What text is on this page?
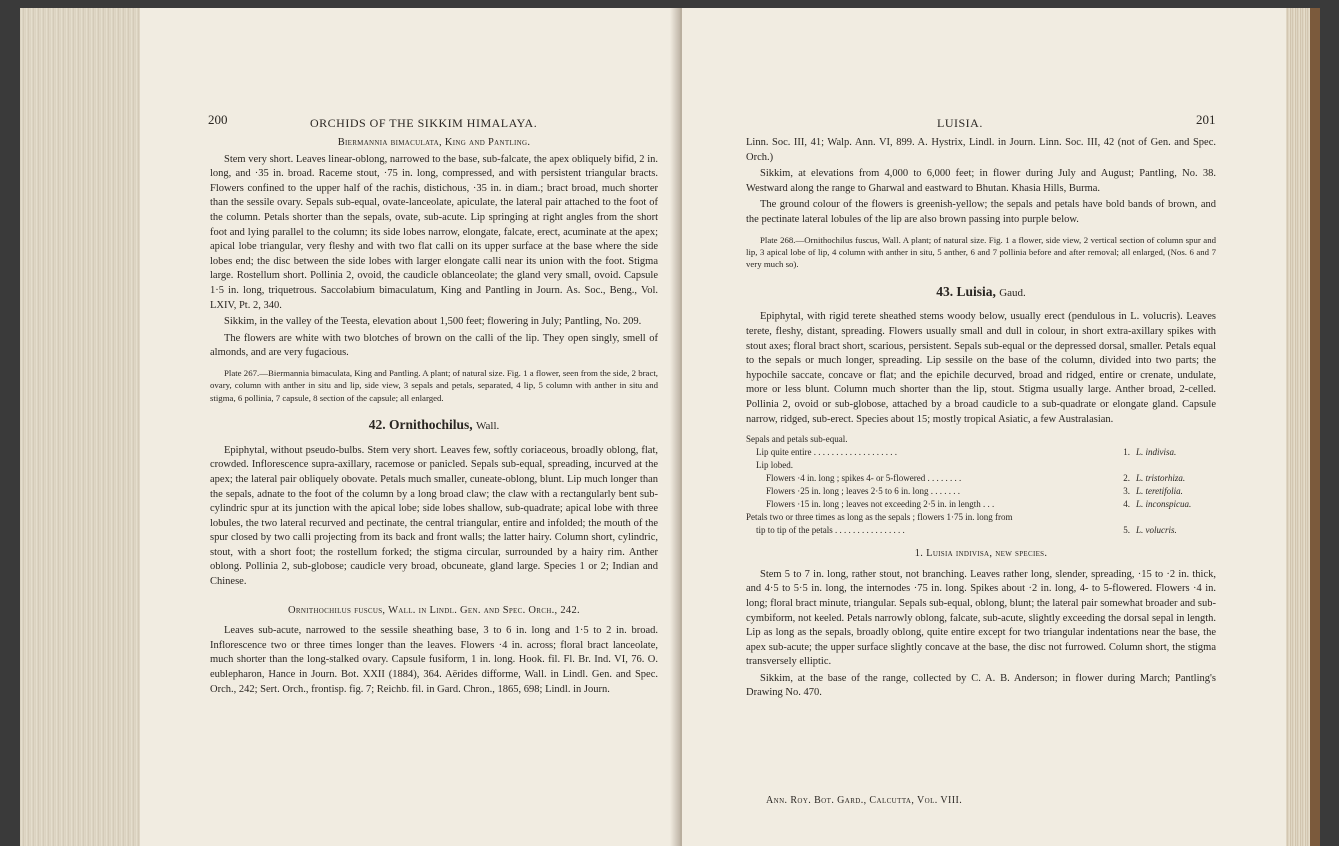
200	ORCHIDS OF THE SIKKIM HIMALAYA.

Biermannia bimaculata, King and Pantling.

Stem very short. Leaves linear-oblong, narrowed to the base, sub-falcate, the apex obliquely bifid, 2 in. long, and ·35 in. broad. Raceme stout, ·75 in. long, compressed, and with persistent triangular bracts. Flowers confined to the upper half of the rachis, distichous, ·35 in. in diam.; bract broad, much shorter than the sessile ovary. Sepals sub-equal, ovate-lanceolate, apiculate, the lateral pair attached to the foot of the column. Petals shorter than the sepals, ovate, sub-acute. Lip springing at right angles from the short foot and lying parallel to the column; its side lobes narrow, elongate, falcate, erect, acuminate at the apex; apical lobe triangular, very fleshy and with two flat calli on its upper surface at the base where the side lobes end; the disc between the side lobes with larger elongate calli near its union with the foot. Stigma large. Rostellum short. Pollinia 2, ovoid, the caudicle oblanceolate; the gland very small, ovoid. Capsule 1·5 in. long, triquetrous. Saccolabium bimaculatum, King and Pantling in Journ. As. Soc., Beng., Vol. LXIV, Pt. 2, 340.

Sikkim, in the valley of the Teesta, elevation about 1,500 feet; flowering in July; Pantling, No. 209.

The flowers are white with two blotches of brown on the calli of the lip. They open singly, smell of almonds, and are very fugacious.

Plate 267.—Biermannia bimaculata, King and Pantling. A plant; of natural size. Fig. 1 a flower, seen from the side, 2 bract, ovary, column with anther in situ and lip, side view, 3 sepals and petals, separated, 4 lip, 5 column with anther in situ and stigma, 6 pollinia, 7 capsule, 8 section of the capsule; all enlarged.

42. Ornithochilus, Wall.

Epiphytal, without pseudo-bulbs. Stem very short. Leaves few, softly coriaceous, broadly oblong, flat, crowded. Inflorescence supra-axillary, racemose or panicled. Sepals sub-equal, spreading, incurved at the apex; the lateral pair obliquely obovate. Petals much smaller, cuneate-oblong, blunt. Lip much longer than the sepals, adnate to the foot of the column by a long broad claw; the claw with a rectangularly bent sub-cylindric spur at its junction with the apical lobe; side lobes shallow, sub-quadrate; apical lobe with three lobules, the two lateral recurved and pectinate, the central triangular, entire and infolded; the mouth of the spur closed by two calli projecting from its back and front walls; the latter hairy. Column short, cylindric, stout, with a short foot; the rostellum forked; the stigma circular, surrounded by a hairy rim. Anther oblong. Pollinia 2, sub-globose; caudicle very broad, obcuneate, gland large. Species 1 or 2; Indian and Chinese.

Ornithochilus fuscus, Wall. in Lindl. Gen. and Spec. Orch., 242.

Leaves sub-acute, narrowed to the sessile sheathing base, 3 to 6 in. long and 1·5 to 2 in. broad. Inflorescence two or three times longer than the leaves. Flowers ·4 in. across; floral bract lanceolate, much shorter than the long-stalked ovary. Capsule fusiform, 1 in. long. Hook. fil. Fl. Br. Ind. VI, 76. O. eublepharon, Hance in Journ. Bot. XXII (1884), 364. Aërides difforme, Wall. in Lindl. Gen. and Spec. Orch., 242; Sert. Orch., frontisp. fig. 7; Reichb. fil. in Gard. Chron., 1865, 698; Lindl. in Journ.

LUISIA.	201

Linn. Soc. III, 41; Walp. Ann. VI, 899. A. Hystrix, Lindl. in Journ. Linn. Soc. III, 42 (not of Gen. and Spec. Orch.)

Sikkim, at elevations from 4,000 to 6,000 feet; in flower during July and August; Pantling, No. 38. Westward along the range to Gharwal and eastward to Bhutan. Khasia Hills, Burma.

The ground colour of the flowers is greenish-yellow; the sepals and petals have bold bands of brown, and the pectinate lateral lobules of the lip are also brown passing into purple below.

Plate 268.—Ornithochilus fuscus, Wall. A plant; of natural size. Fig. 1 a flower, side view, 2 vertical section of column spur and lip, 3 apical lobe of lip, 4 column with anther in situ, 5 anther, 6 and 7 pollinia before and after removal; all enlarged, (Nos. 6 and 7 very much so).

43. Luisia, Gaud.

Epiphytal, with rigid terete sheathed stems woody below, usually erect (pendulous in L. volucris). Leaves terete, fleshy, distant, spreading. Flowers usually small and dull in colour, in short extra-axillary spikes with stout axes; floral bract short, scarious, persistent. Sepals sub-equal or the depressed dorsal, smaller. Petals equal to the sepals or much longer, spreading. Lip sessile on the base of the column, divided into two parts; the hypochile saccate, concave or flat; and the epichile decurved, broad and ridged, entire or crenate, undulate, more or less blunt. Column much shorter than the lip, stout. Stigma usually large. Anther broad, 2-celled. Pollinia 2, ovoid or sub-globose, attached by a broad caudicle to a sub-quadrate or elongate gland. Capsule narrow, ridged, sub-erect. Species about 15; mostly tropical Asiatic, a few Australasian.

Sepals and petals sub-equal.
Lip quite entire . . . . . . . . . . . . . . . . . . .	1. L. indivisa.
Lip lobed.
Flowers ·4 in. long ; spikes 4- or 5-flowered . . . . . . . .	2. L. tristorhiza.
Flowers ·25 in. long ; leaves 2·5 to 6 in. long . . . . . . .	3. L. teretifolia.
Flowers ·15 in. long ; leaves not exceeding 2·5 in. in length . . .	4. L. inconspicua.
Petals two or three times as long as the sepals ; flowers 1·75 in. long from
tip to tip of the petals . . . . . . . . . . . . . . . .	5. L. volucris.

1. Luisia indivisa, new species.

Stem 5 to 7 in. long, rather stout, not branching. Leaves rather long, slender, spreading, ·15 to ·2 in. thick, and 4·5 to 5·5 in. long, the internodes ·75 in. long. Spikes about ·2 in. long, 4- to 5-flowered. Flowers ·4 in. long; floral bract minute, triangular. Sepals sub-equal, oblong, blunt; the lateral pair somewhat broader and sub-cymbiform, not keeled. Petals narrowly oblong, falcate, sub-acute, slightly exceeding the dorsal sepal in length. Lip as long as the sepals, broadly oblong, quite entire except for two triangular indentations near the base, the apex sub-acute; the upper surface slightly concave at the base, the disc not furrowed. Column short, the stigma transversely elliptic.

Sikkim, at the base of the range, collected by C. A. B. Anderson; in flower during March; Pantling's Drawing No. 470.

Ann. Roy. Bot. Gard., Calcutta, Vol. VIII.
